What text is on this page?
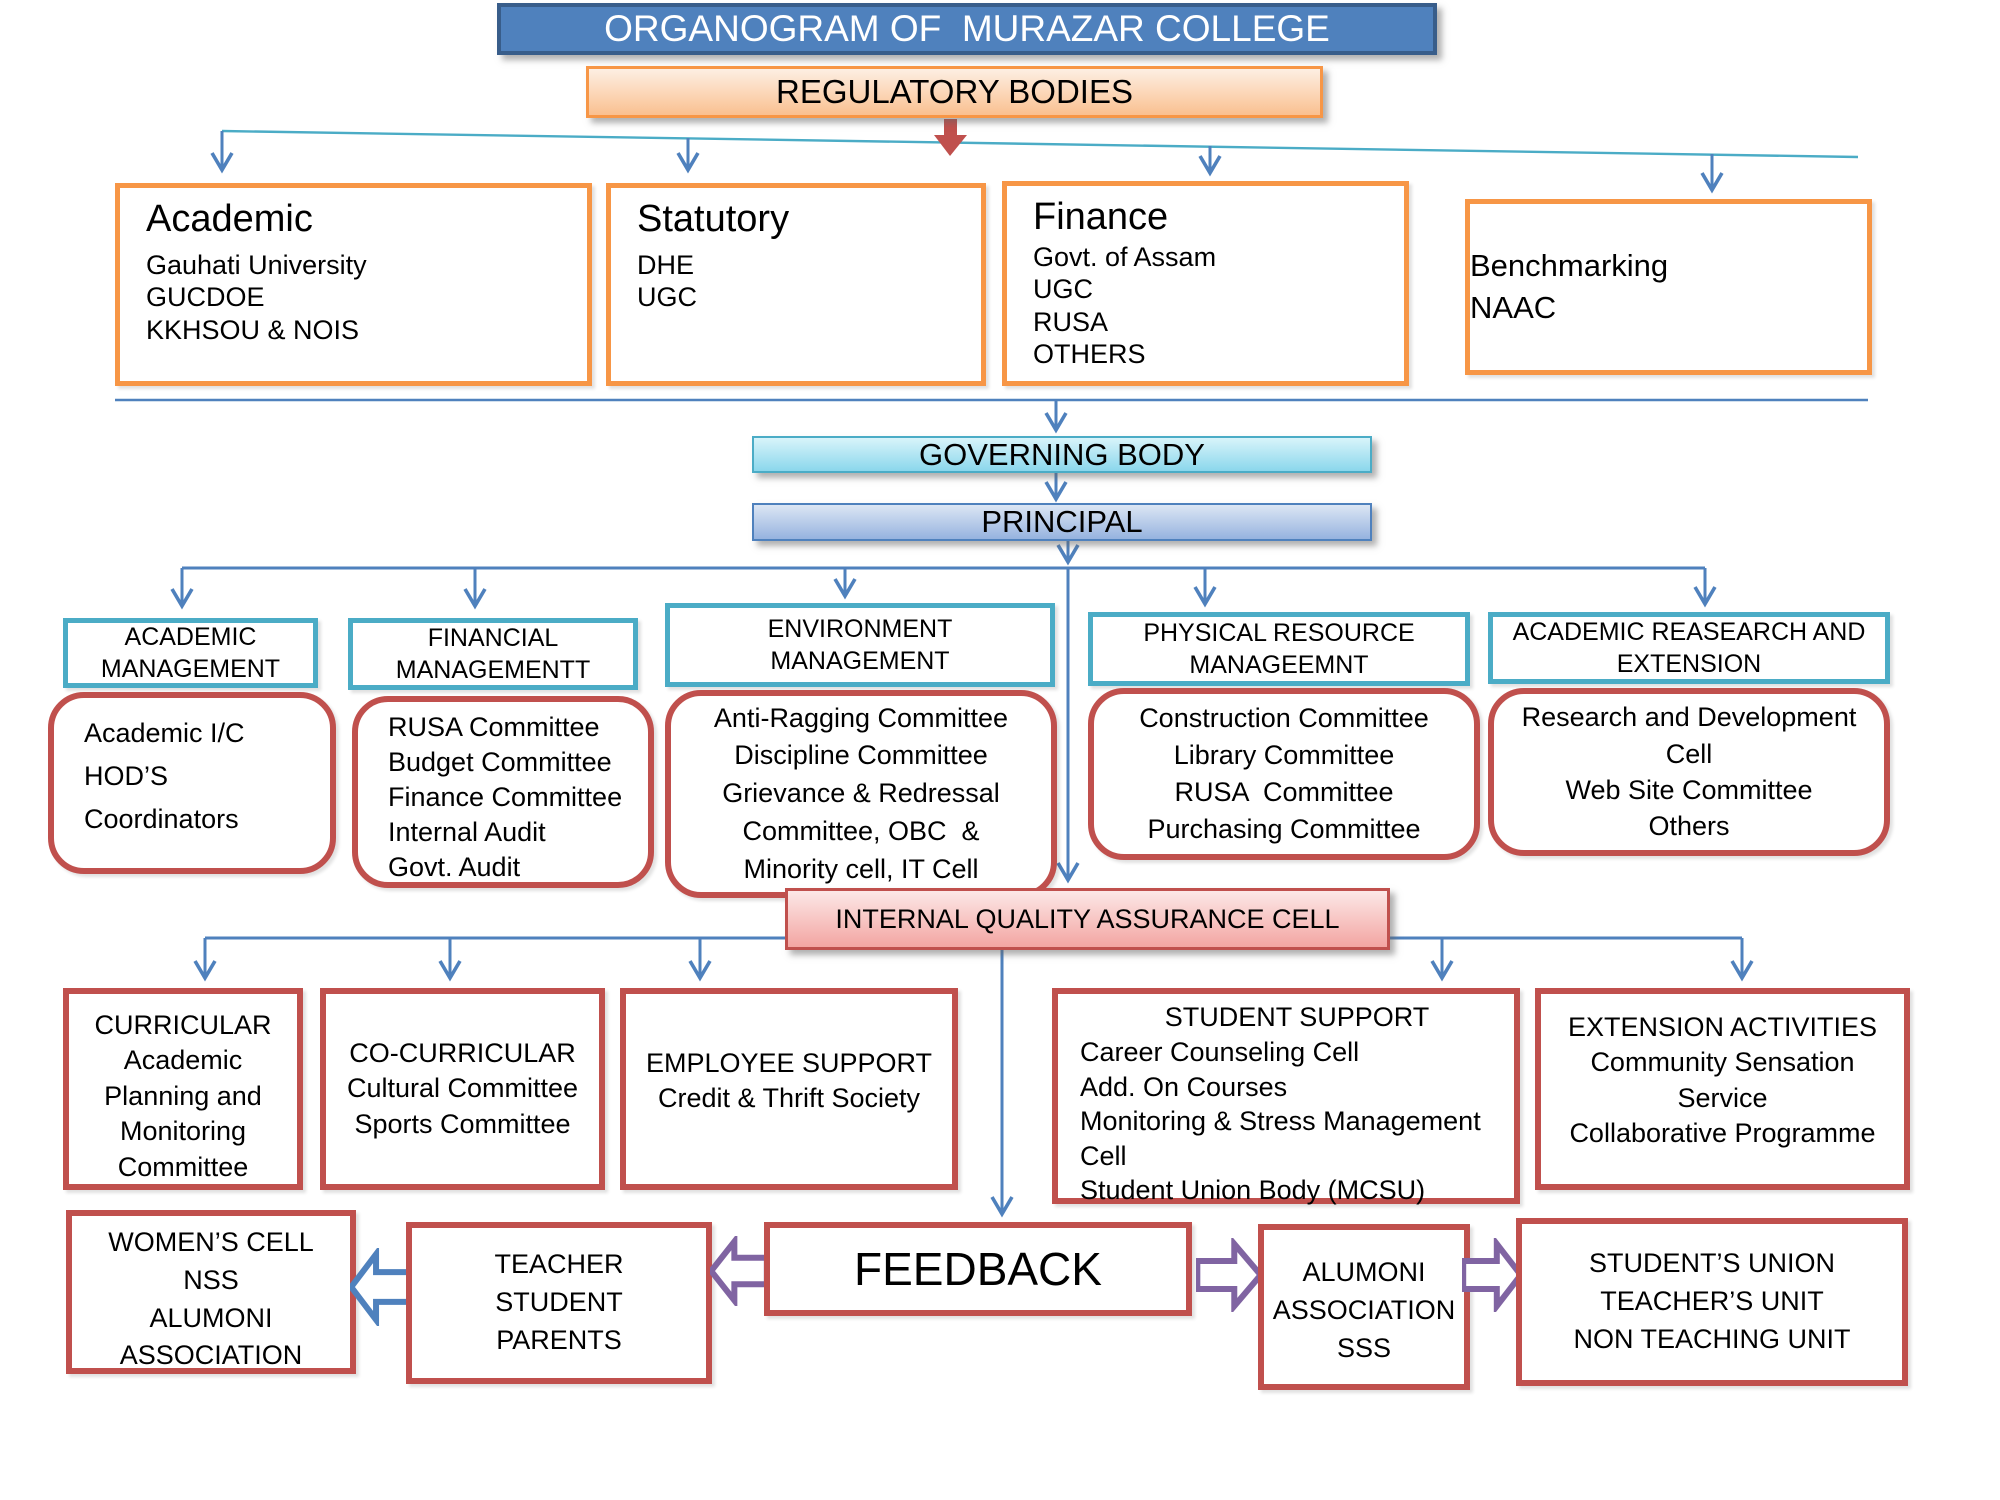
ORGANOGRAM OF  MURAZAR COLLEGE
REGULATORY BODIES
Academic
Gauhati University
GUCDOE
KKHSOU & NOIS
Statutory
DHE
UGC
Finance
Govt. of Assam
UGC
RUSA
OTHERS
Benchmarking
NAAC
GOVERNING BODY
PRINCIPAL
ACADEMIC
MANAGEMENT
FINANCIAL
MANAGEMENTT
ENVIRONMENT
MANAGEMENT
PHYSICAL RESOURCE
MANAGEEMNT
ACADEMIC REASEARCH AND
EXTENSION
Academic I/C
HOD’S
Coordinators
RUSA Committee
Budget Committee
Finance Committee
Internal Audit
Govt. Audit
Anti-Ragging Committee
Discipline Committee
Grievance & Redressal
Committee, OBC  &
Minority cell, IT Cell
Construction Committee
Library Committee
RUSA  Committee
Purchasing Committee
Research and Development
Cell
Web Site Committee
Others
INTERNAL QUALITY ASSURANCE CELL
CURRICULAR
Academic
Planning and
Monitoring
Committee
CO-CURRICULAR
Cultural Committee
Sports Committee
EMPLOYEE SUPPORT
Credit & Thrift Society
STUDENT SUPPORT
Career Counseling Cell
Add. On Courses
Monitoring & Stress Management
Cell
Student Union Body (MCSU)
EXTENSION ACTIVITIES
Community Sensation
Service
Collaborative Programme
WOMEN’S CELL
NSS
ALUMONI
ASSOCIATION
TEACHER
STUDENT
PARENTS
FEEDBACK	ALUMONI
ASSOCIATION
SSS
STUDENT’S UNION
TEACHER’S UNIT
NON TEACHING UNIT
